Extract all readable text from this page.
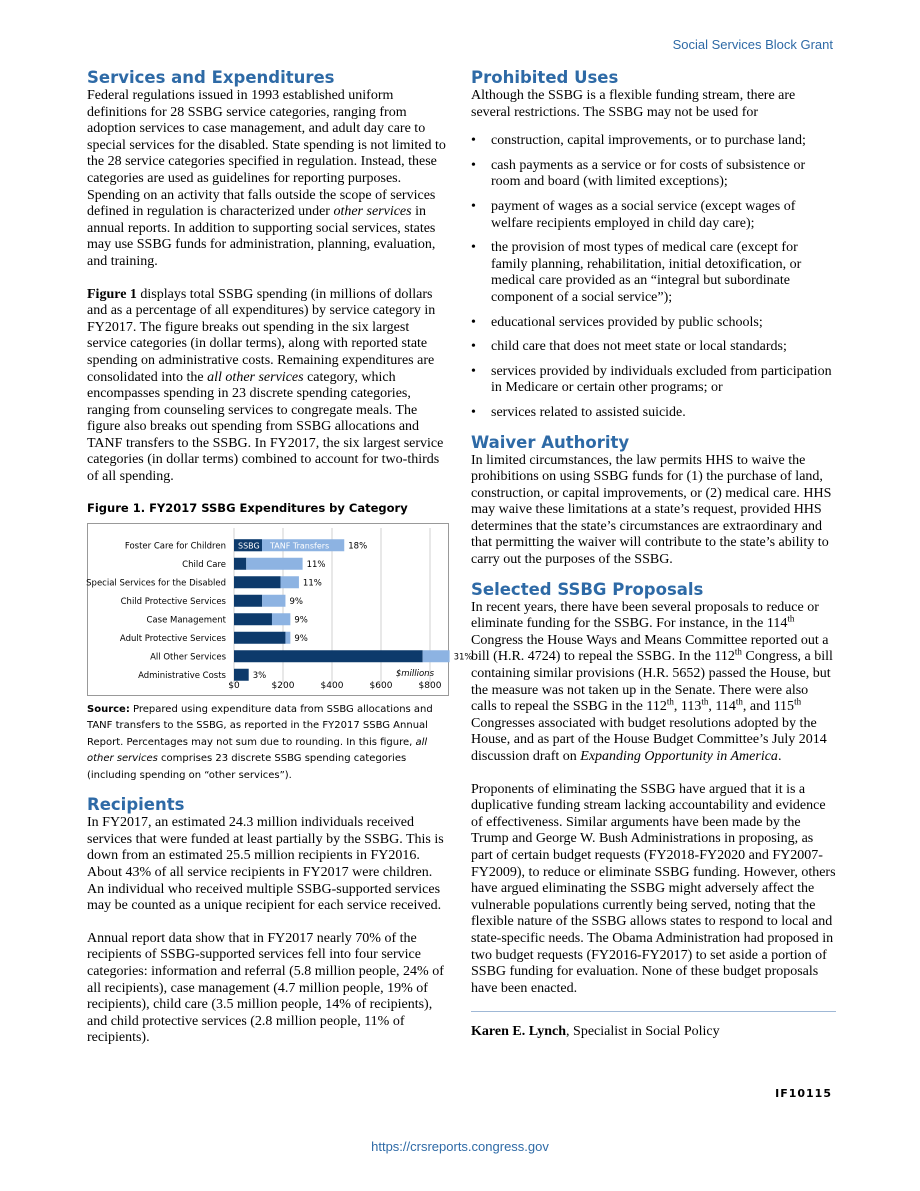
Social Services Block Grant
Services and Expenditures

Federal regulations issued in 1993 established uniform definitions for 28 SSBG service categories, ranging from adoption services to case management, and adult day care to special services for the disabled. State spending is not limited to the 28 service categories specified in regulation. Instead, these categories are used as guidelines for reporting purposes. Spending on an activity that falls outside the scope of services defined in regulation is characterized under other services in annual reports. In addition to supporting social services, states may use SSBG funds for administration, planning, evaluation, and training.

Figure 1 displays total SSBG spending (in millions of dollars and as a percentage of all expenditures) by service category in FY2017. The figure breaks out spending in the six largest service categories (in dollar terms), along with reported state spending on administrative costs. Remaining expenditures are consolidated into the all other services category, which encompasses spending in 23 discrete spending categories, ranging from counseling services to congregate meals. The figure also breaks out spending from SSBG allocations and TANF transfers to the SSBG. In FY2017, the six largest service categories (in dollar terms) combined to account for two-thirds of all spending.

Figure 1. FY2017 SSBG Expenditures by Category
$0	$200	$400	$600	$800
$millions
Foster Care for Children	18%
Child Care	11%
Special Services for the Disabled	11%
Child Protective Services	9%
Case Management	9%
Adult Protective Services	9%
All Other Services	31%
Administrative Costs	3%
SSBG TANF Transfers

Source: Prepared using expenditure data from SSBG allocations and TANF transfers to the SSBG, as reported in the FY2017 SSBG Annual Report. Percentages may not sum due to rounding. In this figure, all other services comprises 23 discrete SSBG spending categories (including spending on “other services”).

Recipients

In FY2017, an estimated 24.3 million individuals received services that were funded at least partially by the SSBG. This is down from an estimated 25.5 million recipients in FY2016. About 43% of all service recipients in FY2017 were children. An individual who received multiple SSBG-supported services may be counted as a unique recipient for each service received.

Annual report data show that in FY2017 nearly 70% of the recipients of SSBG-supported services fell into four service categories: information and referral (5.8 million people, 24% of all recipients), case management (4.7 million people, 19% of recipients), child care (3.5 million people, 14% of recipients), and child protective services (2.8 million people, 11% of recipients).

Prohibited Uses

Although the SSBG is a flexible funding stream, there are several restrictions. The SSBG may not be used for

• construction, capital improvements, or to purchase land;
• cash payments as a service or for costs of subsistence or room and board (with limited exceptions);
• payment of wages as a social service (except wages of welfare recipients employed in child day care);
• the provision of most types of medical care (except for family planning, rehabilitation, initial detoxification, or medical care provided as an “integral but subordinate component of a social service”);
• educational services provided by public schools;
• child care that does not meet state or local standards;
• services provided by individuals excluded from participation in Medicare or certain other programs; or
• services related to assisted suicide.
Waiver Authority

In limited circumstances, the law permits HHS to waive the prohibitions on using SSBG funds for (1) the purchase of land, construction, or capital improvements, or (2) medical care. HHS may waive these limitations at a state’s request, provided HHS determines that the state’s circumstances are extraordinary and that permitting the waiver will contribute to the state’s ability to carry out the purposes of the SSBG.

Selected SSBG Proposals

In recent years, there have been several proposals to reduce or eliminate funding for the SSBG. For instance, in the 114th Congress the House Ways and Means Committee reported out a bill (H.R. 4724) to repeal the SSBG. In the 112th Congress, a bill containing similar provisions (H.R. 5652) passed the House, but the measure was not taken up in the Senate. There were also calls to repeal the SSBG in the 112th, 113th, 114th, and 115th Congresses associated with budget resolutions adopted by the House, and as part of the House Budget Committee’s July 2014 discussion draft on Expanding Opportunity in America.

Proponents of eliminating the SSBG have argued that it is a duplicative funding stream lacking accountability and evidence of effectiveness. Similar arguments have been made by the Trump and George W. Bush Administrations in proposing, as part of certain budget requests (FY2018-FY2020 and FY2007-FY2009), to reduce or eliminate SSBG funding. However, others have argued eliminating the SSBG might adversely affect the vulnerable populations currently being served, noting that the flexible nature of the SSBG allows states to respond to local and state-specific needs. The Obama Administration had proposed in two budget requests (FY2016-FY2017) to set aside a portion of SSBG funding for evaluation. None of these budget proposals have been enacted.

Karen E. Lynch, Specialist in Social Policy

IF10115
https://crsreports.congress.gov
